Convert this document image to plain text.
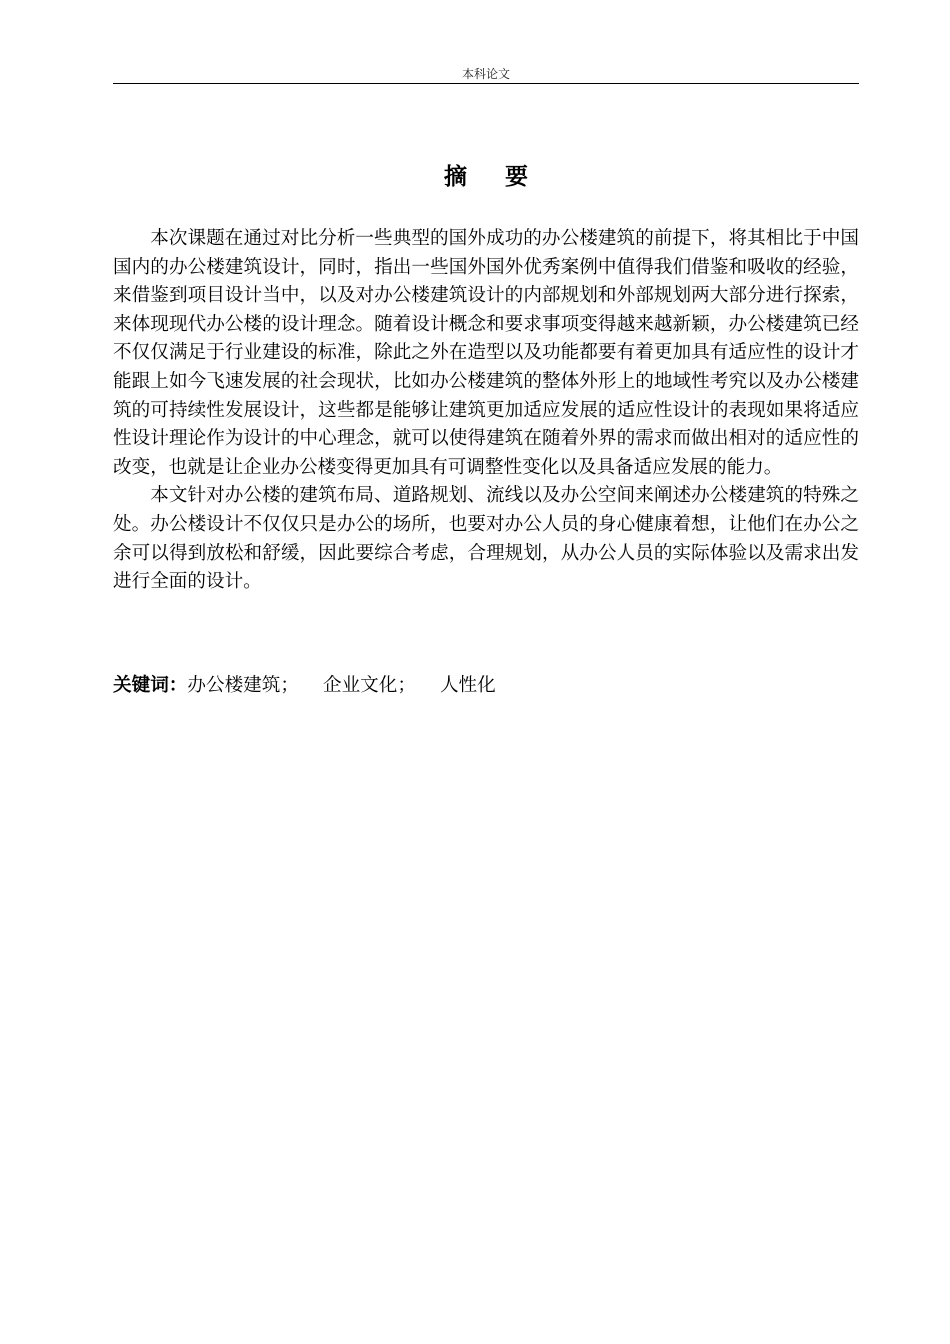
本科论文
摘要

本次课题在通过对比分析一些典型的国外成功的办公楼建筑的前提下，将其相比于中国国内的办公楼建筑设计，同时，指出一些国外国外优秀案例中值得我们借鉴和吸收的经验，来借鉴到项目设计当中，以及对办公楼建筑设计的内部规划和外部规划两大部分进行探索，来体现现代办公楼的设计理念。随着设计概念和要求事项变得越来越新颖，办公楼建筑已经不仅仅满足于行业建设的标准，除此之外在造型以及功能都要有着更加具有适应性的设计才能跟上如今飞速发展的社会现状，比如办公楼建筑的整体外形上的地域性考究以及办公楼建筑的可持续性发展设计，这些都是能够让建筑更加适应发展的适应性设计的表现如果将适应性设计理论作为设计的中心理念，就可以使得建筑在随着外界的需求而做出相对的适应性的改变，也就是让企业办公楼变得更加具有可调整性变化以及具备适应发展的能力。

本文针对办公楼的建筑布局、道路规划、流线以及办公空间来阐述办公楼建筑的特殊之处。办公楼设计不仅仅只是办公的场所，也要对办公人员的身心健康着想，让他们在办公之余可以得到放松和舒缓，因此要综合考虑，合理规划，从办公人员的实际体验以及需求出发进行全面的设计。

关键词：办公楼建筑； 企业文化； 人性化
